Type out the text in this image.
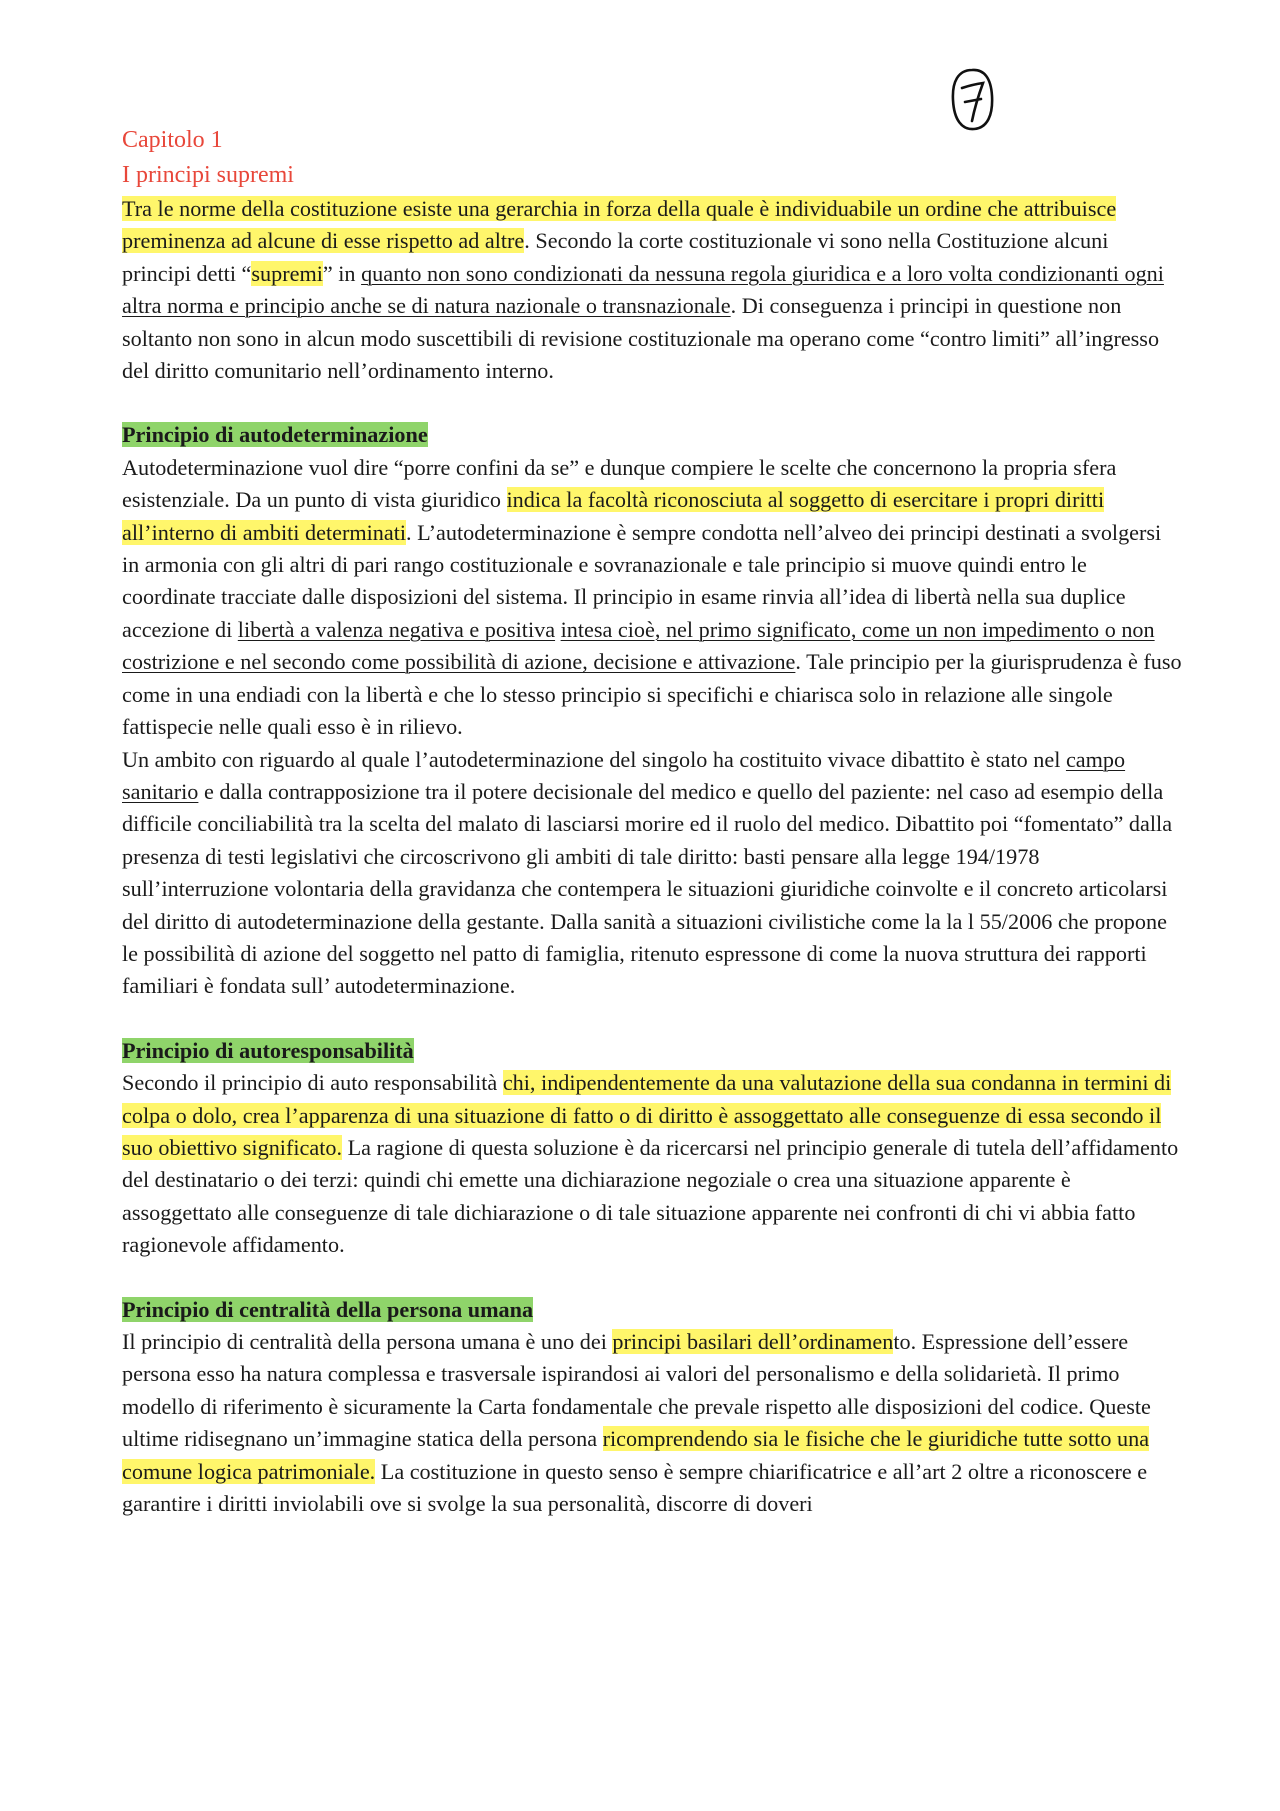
Capitolo 1
I principi supremi

Tra le norme della costituzione esiste una gerarchia in forza della quale è individuabile un ordine che attribuisce preminenza ad alcune di esse rispetto ad altre. Secondo la corte costituzionale vi sono nella Costituzione alcuni principi detti “supremi” in quanto non sono condizionati da nessuna regola giuridica e a loro volta condizionanti ogni altra norma e principio anche se di natura nazionale o transnazionale. Di conseguenza i principi in questione non soltanto non sono in alcun modo suscettibili di revisione costituzionale ma operano come “contro limiti” all’ingresso del diritto comunitario nell’ordinamento interno.

Principio di autodeterminazione

Autodeterminazione vuol dire “porre confini da se” e dunque compiere le scelte che concernono la propria sfera esistenziale. Da un punto di vista giuridico indica la facoltà riconosciuta al soggetto di esercitare i propri diritti all’interno di ambiti determinati. L’autodeterminazione è sempre condotta nell’alveo dei principi destinati a svolgersi in armonia con gli altri di pari rango costituzionale e sovranazionale e tale principio si muove quindi entro le coordinate tracciate dalle disposizioni del sistema. Il principio in esame rinvia all’idea di libertà nella sua duplice accezione di libertà a valenza negativa e positiva intesa cioè, nel primo significato, come un non impedimento o non costrizione e nel secondo come possibilità di azione, decisione e attivazione. Tale principio per la giurisprudenza è fuso come in una endiadi con la libertà e che lo stesso principio si specifichi e chiarisca solo in relazione alle singole fattispecie nelle quali esso è in rilievo.

Un ambito con riguardo al quale l’autodeterminazione del singolo ha costituito vivace dibattito è stato nel campo sanitario e dalla contrapposizione tra il potere decisionale del medico e quello del paziente: nel caso ad esempio della difficile conciliabilità tra la scelta del malato di lasciarsi morire ed il ruolo del medico. Dibattito poi “fomentato” dalla presenza di testi legislativi che circoscrivono gli ambiti di tale diritto: basti pensare alla legge 194/1978 sull’interruzione volontaria della gravidanza che contempera le situazioni giuridiche coinvolte e il concreto articolarsi del diritto di autodeterminazione della gestante. Dalla sanità a situazioni civilistiche come la la l 55/2006 che propone le possibilità di azione del soggetto nel patto di famiglia, ritenuto espressone di come la nuova struttura dei rapporti familiari è fondata sull’ autodeterminazione.

Principio di autoresponsabilità

Secondo il principio di auto responsabilità chi, indipendentemente da una valutazione della sua condanna in termini di colpa o dolo, crea l’apparenza di una situazione di fatto o di diritto è assoggettato alle conseguenze di essa secondo il suo obiettivo significato. La ragione di questa soluzione è da ricercarsi nel principio generale di tutela dell’affidamento del destinatario o dei terzi: quindi chi emette una dichiarazione negoziale o crea una situazione apparente è assoggettato alle conseguenze di tale dichiarazione o di tale situazione apparente nei confronti di chi vi abbia fatto ragionevole affidamento.

Principio di centralità della persona umana

Il principio di centralità della persona umana è uno dei principi basilari dell’ordinamento. Espressione dell’essere persona esso ha natura complessa e trasversale ispirandosi ai valori del personalismo e della solidarietà. Il primo modello di riferimento è sicuramente la Carta fondamentale che prevale rispetto alle disposizioni del codice. Queste ultime ridisegnano un’immagine statica della persona ricomprendendo sia le fisiche che le giuridiche tutte sotto una comune logica patrimoniale. La costituzione in questo senso è sempre chiarificatrice e all’art 2 oltre a riconoscere e garantire i diritti inviolabili ove si svolge la sua personalità, discorre di doveri
